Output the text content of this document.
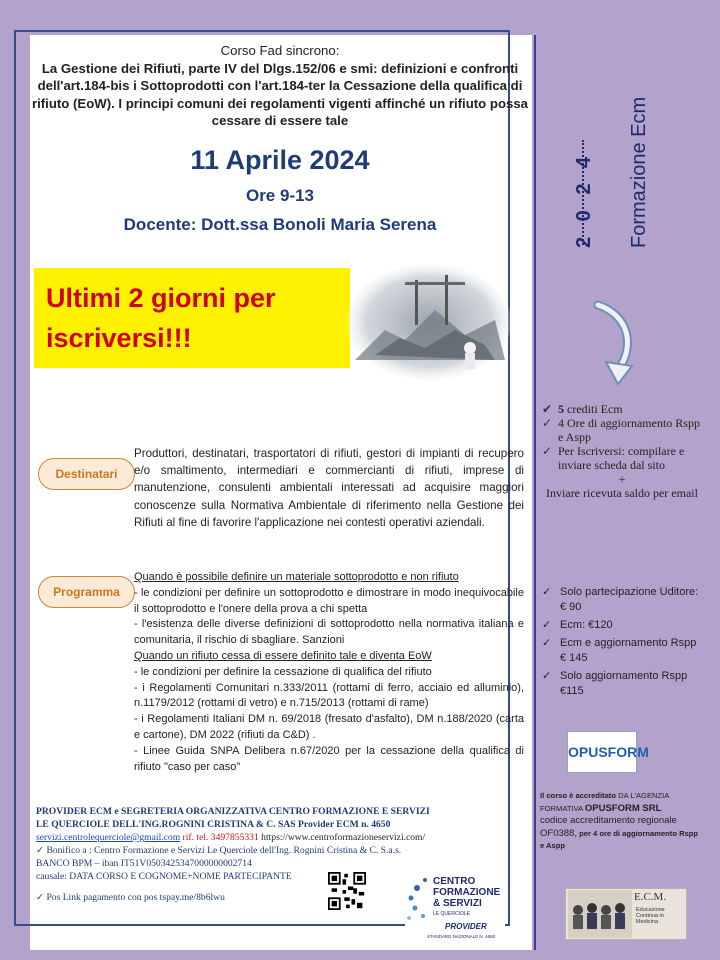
Corso Fad sincrono:
La Gestione dei Rifiuti, parte IV del Dlgs.152/06 e smi: definizioni e confronti dell'art.184-bis i Sottoprodotti con l'art.184-ter la Cessazione della qualifica di rifiuto (EoW). I principi comuni dei regolamenti vigenti affinché un rifiuto possa cessare di essere tale
11 Aprile 2024
Ore 9-13
Docente: Dott.ssa Bonoli Maria Serena
Ultimi 2 giorni per
iscriversi!!!
Destinatari
Produttori, destinatari, trasportatori di rifiuti, gestori di impianti di recupero e/o smaltimento, intermediari e commercianti di rifiuti, imprese di manutenzione, consulenti ambientali interessati ad acquisire maggiori conoscenze sulla Normativa Ambientale di riferimento nella Gestione dei Rifiuti al fine di favorire l'applicazione nei contesti operativi aziendali.
Programma
Quando è possibile definire un materiale sottoprodotto e non rifiuto
- le condizioni per definire un sottoprodotto e dimostrare in modo inequivocabile il sottoprodotto e l'onere della prova a chi spetta
- l'esistenza delle diverse definizioni di sottoprodotto nella normativa italiana e comunitaria, il rischio di sbagliare. Sanzioni
Quando un rifiuto cessa di essere definito tale e diventa EoW
- le condizioni per definire la cessazione di qualifica del rifiuto
- i Regolamenti Comunitari n.333/2011 (rottami di ferro, acciaio ed alluminio), n.1179/2012 (rottami di vetro) e n.715/2013 (rottami di rame)
- i Regolamenti Italiani DM n. 69/2018 (fresato d'asfalto), DM n.188/2020 (carta e cartone), DM 2022 (rifiuti da C&D) .
- Linee Guida SNPA Delibera n.67/2020 per la cessazione della qualifica di rifiuto "caso per caso"
PROVIDER ECM e SEGRETERIA ORGANIZZATIVA CENTRO FORMAZIONE E SERVIZI
LE QUERCIOLE DELL'ING.ROGNINI CRISTINA & C. SAS Provider ECM n. 4650
servizi.centrolequerciole@gmail.com rif. tel. 3497855331 https://www.centroformazioneservizi.com/
✓ Bonifico a : Centro Formazione e Servizi Le Querciole dell'Ing. Rognini Cristina & C. S.a.s.
BANCO BPM – iban IT51V0503425347000000002714
causale: DATA CORSO E COGNOME+NOME PARTECIPANTE
✓ Pos Link pagamento con pos tspay.me/8b6lwu
CENTRO
FORMAZIONE
& SERVIZI
LE QUERCIOLE
PROVIDER
STANDARD NAZIONALE N. 4650
2 0 2 4 Formazione Ecm
✔ 5 crediti Ecm
✓ 4 Ore di aggiornamento Rspp e Aspp
✓ Per Iscriversi: compilare e inviare scheda dal sito
+
Inviare ricevuta saldo per email
✓ Solo partecipazione Uditore:€ 90
✓ Ecm: €120
✓ Ecm e aggiornamento Rspp € 145
✓ Solo aggiornamento Rspp €115
OPUSFORM
Il corso è accreditato DA L'AGENZIA FORMATIVA OPUSFORM SRL
codice accreditamento regionale OF0388, per 4 ore di aggiornamento Rspp e Aspp
E.C.M.
Educazione Continua in Medicina
